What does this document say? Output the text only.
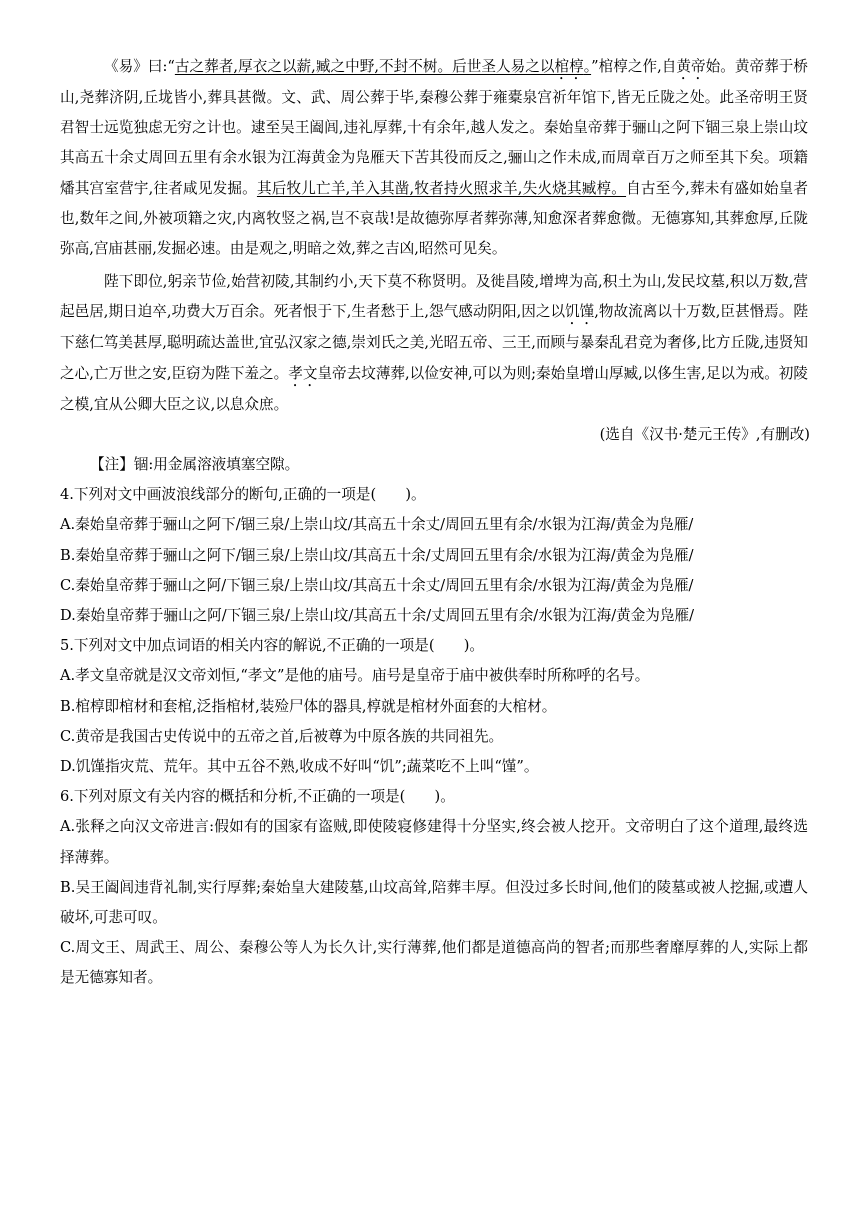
《易》曰:“古之葬者,厚衣之以薪,臧之中野,不封不树。后世圣人易之以棺椁。”棺椁之作,自黄帝始。黄帝葬于桥山,尧葬济阴,丘垅皆小,葬具甚微。文、武、周公葬于毕,秦穆公葬于雍橐泉宫祈年馆下,皆无丘陇之处。此圣帝明王贤君智士远览独虑无穷之计也。逮至吴王阖闾,违礼厚葬,十有余年,越人发之。秦始皇帝葬于骊山之阿下锢三泉上崇山坟其高五十余丈周回五里有余水银为江海黄金为凫雁天下苦其役而反之,骊山之作未成,而周章百万之师至其下矣。项籍燔其宫室营宇,往者咸见发掘。其后牧儿亡羊,羊入其凿,牧者持火照求羊,失火烧其臧椁。自古至今,葬未有盛如始皇者也,数年之间,外被项籍之灾,内离牧竖之祸,岂不哀哉!是故德弥厚者葬弥薄,知愈深者葬愈微。无德寡知,其葬愈厚,丘陇弥高,宫庙甚丽,发掘必速。由是观之,明暗之效,葬之吉凶,昭然可见矣。

陛下即位,躬亲节俭,始营初陵,其制约小,天下莫不称贤明。及徙昌陵,增埤为高,积土为山,发民坟墓,积以万数,营起邑居,期日迫卒,功费大万百余。死者恨于下,生者愁于上,怨气感动阴阳,因之以饥馑,物故流离以十万数,臣甚惽焉。陛下慈仁笃美甚厚,聪明疏达盖世,宜弘汉家之德,崇刘氏之美,光昭五帝、三王,而顾与暴秦乱君竞为奢侈,比方丘陇,违贤知之心,亡万世之安,臣窃为陛下羞之。孝文皇帝去坟薄葬,以俭安神,可以为则;秦始皇增山厚臧,以侈生害,足以为戒。初陵之模,宜从公卿大臣之议,以息众庶。

(选自《汉书·楚元王传》,有删改)

【注】锢:用金属溶液填塞空隙。

4.下列对文中画波浪线部分的断句,正确的一项是(　　)。

A.秦始皇帝葬于骊山之阿下/锢三泉/上崇山坟/其高五十余丈/周回五里有余/水银为江海/黄金为凫雁/

B.秦始皇帝葬于骊山之阿下/锢三泉/上崇山坟/其高五十余/丈周回五里有余/水银为江海/黄金为凫雁/

C.秦始皇帝葬于骊山之阿/下锢三泉/上崇山坟/其高五十余丈/周回五里有余/水银为江海/黄金为凫雁/

D.秦始皇帝葬于骊山之阿/下锢三泉/上崇山坟/其高五十余/丈周回五里有余/水银为江海/黄金为凫雁/

5.下列对文中加点词语的相关内容的解说,不正确的一项是(　　)。

A.孝文皇帝就是汉文帝刘恒,“孝文”是他的庙号。庙号是皇帝于庙中被供奉时所称呼的名号。

B.棺椁即棺材和套棺,泛指棺材,装殓尸体的器具,椁就是棺材外面套的大棺材。

C.黄帝是我国古史传说中的五帝之首,后被尊为中原各族的共同祖先。

D.饥馑指灾荒、荒年。其中五谷不熟,收成不好叫“饥”;蔬菜吃不上叫“馑”。

6.下列对原文有关内容的概括和分析,不正确的一项是(　　)。

A.张释之向汉文帝进言:假如有的国家有盗贼,即使陵寝修建得十分坚实,终会被人挖开。文帝明白了这个道理,最终选择薄葬。

B.吴王阖闾违背礼制,实行厚葬;秦始皇大建陵墓,山坟高耸,陪葬丰厚。但没过多长时间,他们的陵墓或被人挖掘,或遭人破坏,可悲可叹。

C.周文王、周武王、周公、秦穆公等人为长久计,实行薄葬,他们都是道德高尚的智者;而那些奢靡厚葬的人,实际上都是无德寡知者。
